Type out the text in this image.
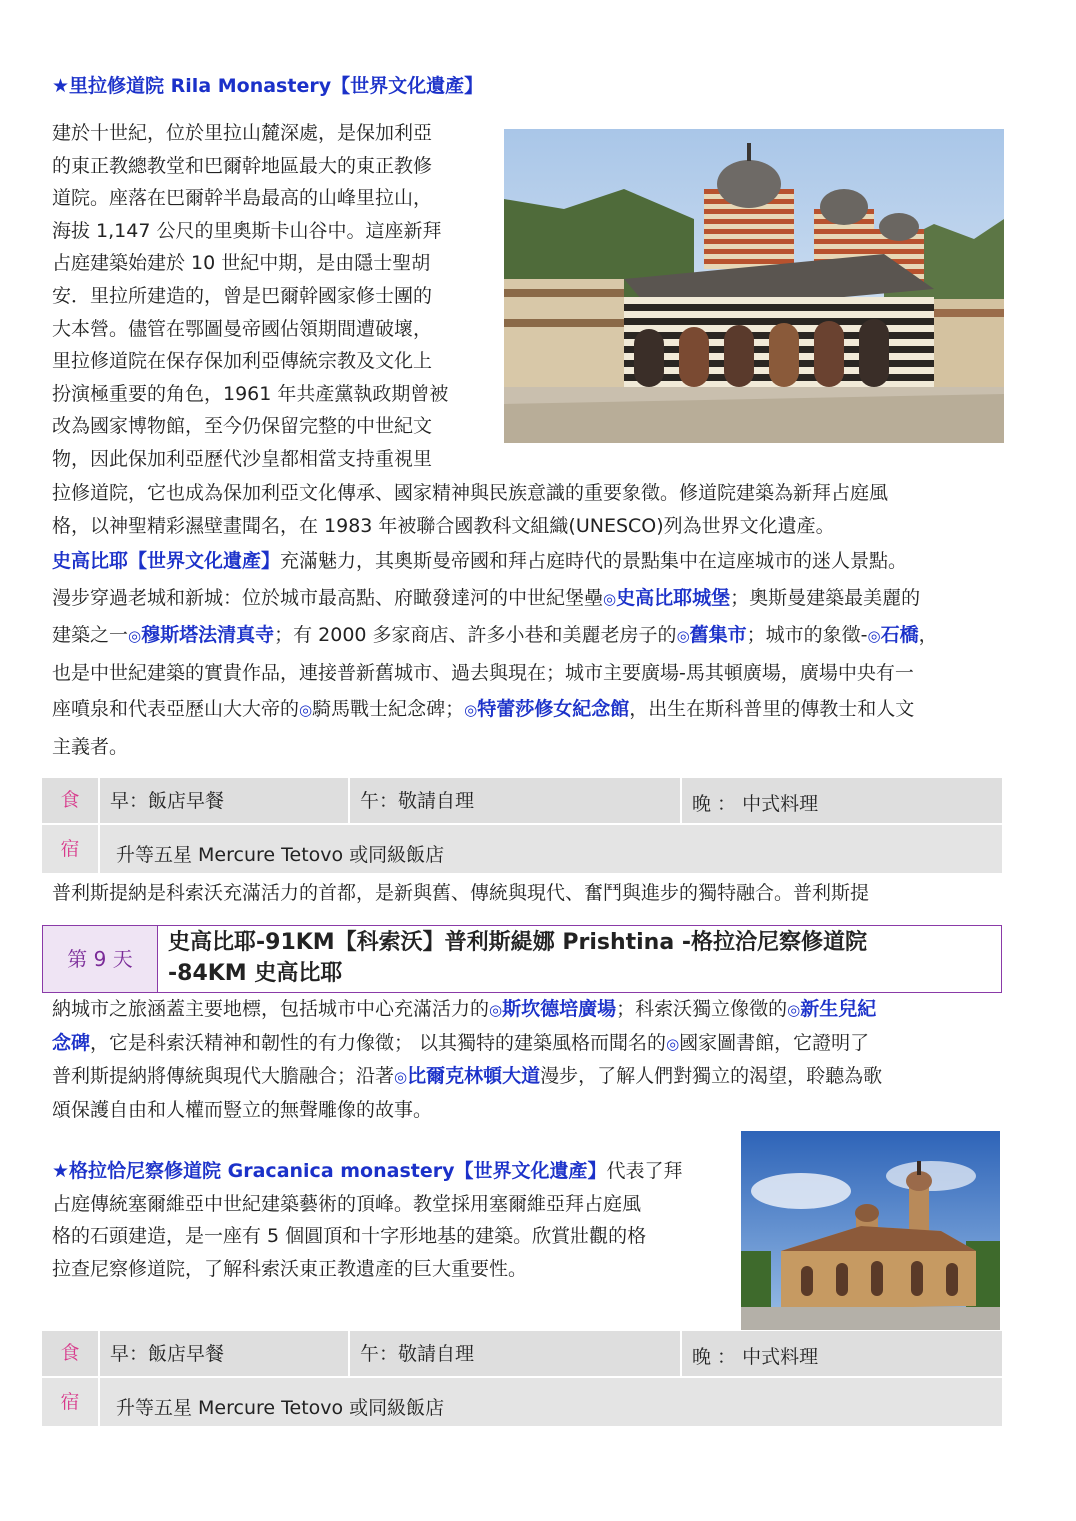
★里拉修道院 Rila Monastery【世界文化遺產】
建於十世紀，位於里拉山麓深處，是保加利亞
的東正教總教堂和巴爾幹地區最大的東正教修
道院。座落在巴爾幹半島最高的山峰里拉山，
海拔 1,147 公尺的里奧斯卡山谷中。這座新拜
占庭建築始建於 10 世紀中期，是由隱士聖胡
安．里拉所建造的，曾是巴爾幹國家修士團的
大本營。儘管在鄂圖曼帝國佔領期間遭破壞，
里拉修道院在保存保加利亞傳統宗教及文化上
扮演極重要的角色，1961 年共產黨執政期曾被
改為國家博物館，至今仍保留完整的中世紀文
物，因此保加利亞歷代沙皇都相當支持重視里
拉修道院，它也成為保加利亞文化傳承、國家精神與民族意識的重要象徵。修道院建築為新拜占庭風
格，以神聖精彩濕壁畫聞名，在 1983 年被聯合國教科文組織(UNESCO)列為世界文化遺產。
史高比耶【世界文化遺產】充滿魅力，其奧斯曼帝國和拜占庭時代的景點集中在這座城市的迷人景點。
漫步穿過老城和新城：位於城市最高點、府瞰發達河的中世紀堡壘◎史高比耶城堡；奧斯曼建築最美麗的
建築之一◎穆斯塔法清真寺；有 2000 多家商店、許多小巷和美麗老房子的◎舊集市；城市的象徵-◎石橋，
也是中世紀建築的實貴作品，連接普新舊城市、過去與現在；城市主要廣場-馬其頓廣場，廣場中央有一
座噴泉和代表亞歷山大大帝的◎騎馬戰士紀念碑；◎特蕾莎修女紀念館，出生在斯科普里的傳教士和人文
主義者。
食	早：飯店早餐	午：敬請自理	晚 ： 中式料理
宿	升等五星 Mercure Tetovo 或同級飯店
普利斯提納是科索沃充滿活力的首都，是新與舊、傳統與現代、奮鬥與進步的獨特融合。普利斯提
第 9 天
史高比耶-91KM【科索沃】普利斯緹娜 Prishtina -格拉洽尼察修道院
-84KM 史高比耶
納城市之旅涵蓋主要地標，包括城市中心充滿活力的◎斯坎德培廣場；科索沃獨立像徵的◎新生兒紀
念碑，它是科索沃精神和韌性的有力像徵； 以其獨特的建築風格而聞名的◎國家圖書館，它證明了
普利斯提納將傳統與現代大膽融合；沿著◎比爾克林頓大道漫步，了解人們對獨立的渴望，聆聽為歌
頌保護自由和人權而豎立的無聲雕像的故事。
★格拉恰尼察修道院 Gracanica monastery【世界文化遺產】代表了拜
占庭傳統塞爾維亞中世紀建築藝術的頂峰。教堂採用塞爾維亞拜占庭風
格的石頭建造，是一座有 5 個圓頂和十字形地基的建築。欣賞壯觀的格
拉查尼察修道院，了解科索沃東正教遺產的巨大重要性。
食	早：飯店早餐	午：敬請自理	晚 ： 中式料理
宿	升等五星 Mercure Tetovo 或同級飯店
